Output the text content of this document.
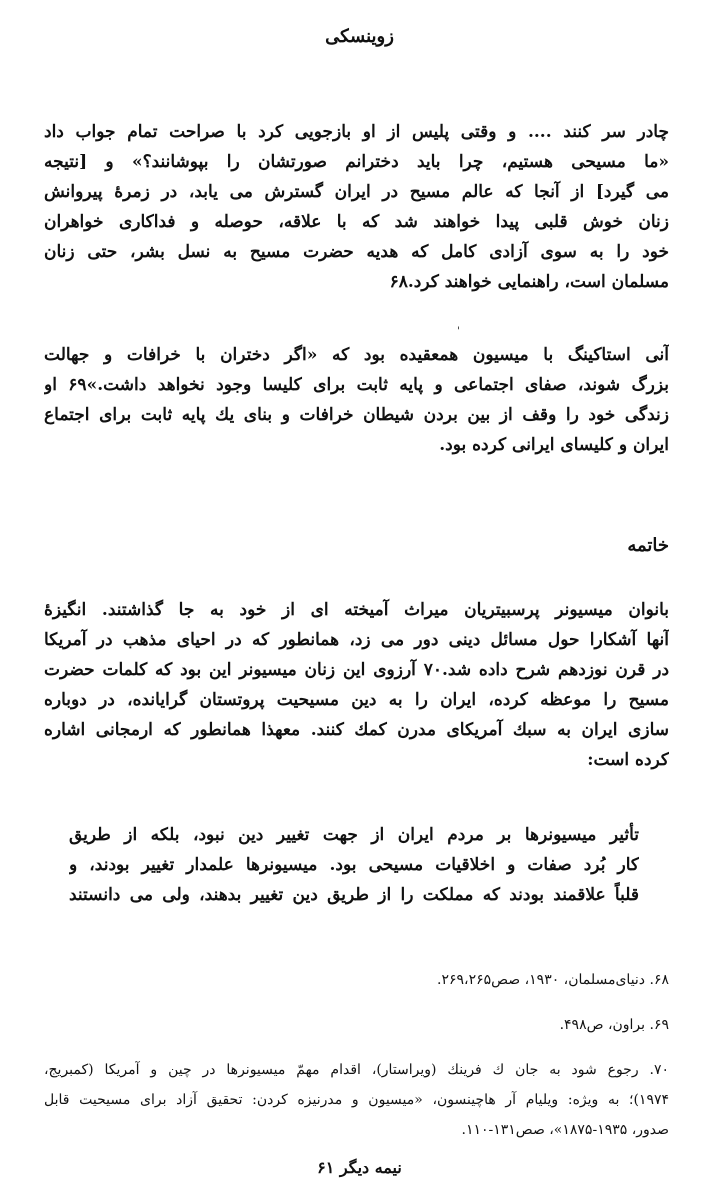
زوینسکی
چادر سر کنند .... و وقتی پلیس از او بازجویی کرد با صراحت تمام جواب داد
«ما مسیحی هستیم، چرا باید دخترانم صورتشان را بپوشانند؟» و [نتیجه
می گیرد] از آنجا که عالم مسیح در ایران گسترش می یابد، در زمرهٔ پیروانش
زنان خوش قلبی پیدا خواهند شد که با علاقه، حوصله و فداکاری خواهران
خود را به سوی آزادی کامل که هدیه حضرت مسیح به نسل بشر، حتی زنان
مسلمان است، راهنمایی خواهند کرد.۶۸
'
آنی استاکینگ با میسیون همعقیده بود که «اگر دختران با خرافات و جهالت
بزرگ شوند، صفای اجتماعی و پایه ثابت برای کلیسا وجود نخواهد داشت.»۶۹ او
زندگی خود را وقف از بین بردن شیطان خرافات و بنای یك پایه ثابت برای اجتماع
ایران و کلیسای ایرانی کرده بود.
خاتمه
بانوان میسیونر پرسبیتریان میراث آمیخته ای از خود به جا گذاشتند. انگیزهٔ
آنها آشکارا حول مسائل دینی دور می زد، همانطور که در احیای مذهب در آمریکا
در قرن نوزدهم شرح داده شد.۷۰ آرزوی این زنان میسیونر این بود که کلمات حضرت
مسیح را موعظه کرده، ایران را به دین مسیحیت پروتستان گرایانده، در دوباره
سازی ایران به سبك آمریکای مدرن کمك کنند. معهذا همانطور که ارمجانی اشاره
کرده است:
تأثیر میسیونرها بر مردم ایران از جهت تغییر دین نبود، بلکه از طریق
کار بُرد صفات و اخلاقیات مسیحی بود. میسیونرها علمدار تغییر بودند، و
قلباً علاقمند بودند که مملکت را از طریق دین تغییر بدهند، ولی می دانستند
۶۸. دنیای‌مسلمان، ۱۹۳۰، صص۲۶۹،۲۶۵.
۶۹. براون، ص۴۹۸.
۷۰. رجوع شود به جان ك فرینك (ویراستار)، اقدام مهمّ میسیونرها در چین و آمریکا (کمبریج،
۱۹۷۴)؛ به ویژه: ویلیام آر هاچینسون، «میسیون و مدرنیزه کردن: تحقیق آزاد برای مسیحیت قابل
صدور، ۱۹۳۵-۱۸۷۵»، صص۱۳۱-۱۱۰.
نیمه دیگر ۶۱
